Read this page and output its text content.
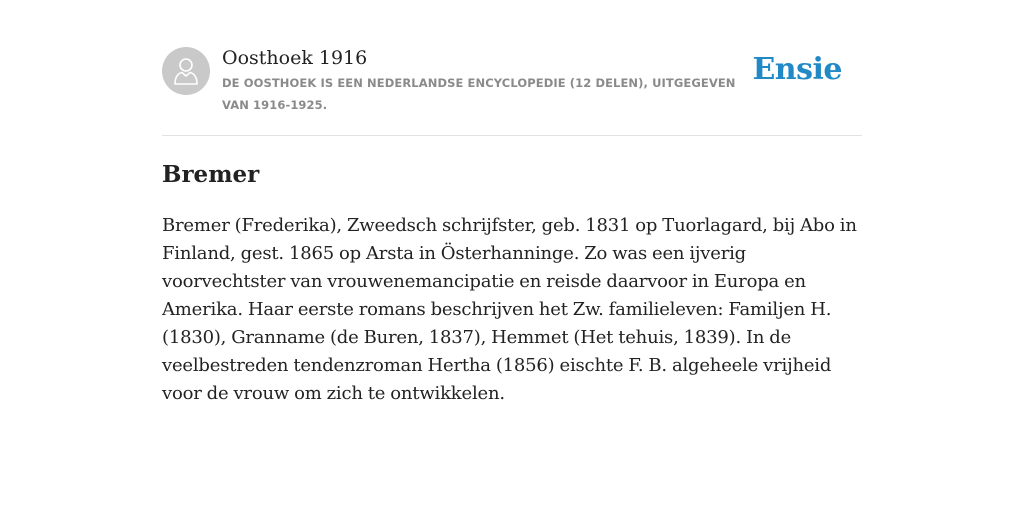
Oosthoek 1916
DE OOSTHOEK IS EEN NEDERLANDSE ENCYCLOPEDIE (12 DELEN), UITGEGEVEN VAN 1916-1925.
Ensie
Bremer

Bremer (Frederika), Zweedsch schrijfster, geb. 1831 op Tuorlagard, bij Abo in Finland, gest. 1865 op Arsta in Österhanninge. Zo was een ijverig voorvechtster van vrouwenemancipatie en reisde daarvoor in Europa en Amerika. Haar eerste romans beschrijven het Zw. familieleven: Familjen H. (1830), Granname (de Buren, 1837), Hemmet (Het tehuis, 1839). In de veelbestreden tendenzroman Hertha (1856) eischte F. B. algeheele vrijheid voor de vrouw om zich te ontwikkelen.
